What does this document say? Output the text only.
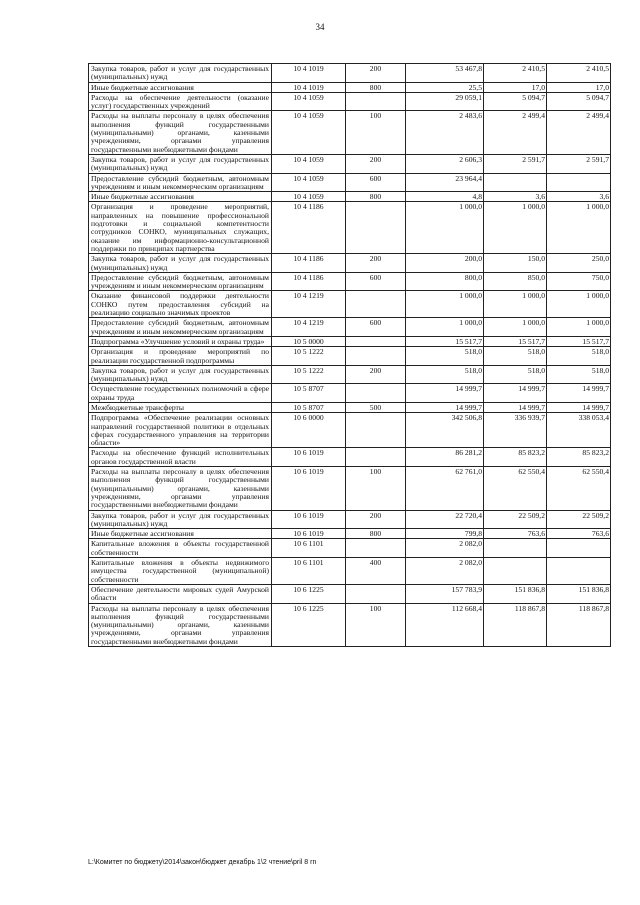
34
Закупка товаров, работ и услуг для государственных (муниципальных) нужд	10 4 1019	200	53 467,8	2 410,5	2 410,5
Иные бюджетные ассигнования	10 4 1019	800	25,5	17,0	17,0
Расходы на обеспечение деятельности (оказание услуг) государственных учреждений	10 4 1059		29 059,1	5 094,7	5 094,7
Расходы на выплаты персоналу в целях обеспечения выполнения функций государственными (муниципальными) органами, казенными учреждениями, органами управления государственными внебюджетными фондами	10 4 1059	100	2 483,6	2 499,4	2 499,4
Закупка товаров, работ и услуг для государственных (муниципальных) нужд	10 4 1059	200	2 606,3	2 591,7	2 591,7
Предоставление субсидий бюджетным, автономным учреждениям и иным некоммерческим организациям	10 4 1059	600	23 964,4		
Иные бюджетные ассигнования	10 4 1059	800	4,8	3,6	3,6
Организация и проведение мероприятий, направленных на повышение профессиональной подготовки и социальной компетентности сотрудников СОНКО, муниципальных служащих, оказание им информационно-консультационной поддержки по принципах партнерства	10 4 1186		1 000,0	1 000,0	1 000,0
Закупка товаров, работ и услуг для государственных (муниципальных) нужд	10 4 1186	200	200,0	150,0	250,0
Предоставление субсидий бюджетным, автономным учреждениям и иным некоммерческим организациям	10 4 1186	600	800,0	850,0	750,0
Оказание финансовой поддержки деятельности СОНКО путем предоставления субсидий на реализацию социально значимых проектов	10 4 1219		1 000,0	1 000,0	1 000,0
Предоставление субсидий бюджетным, автономным учреждениям и иным некоммерческим организациям	10 4 1219	600	1 000,0	1 000,0	1 000,0
Подпрограмма «Улучшение условий и охраны труда»	10 5 0000		15 517,7	15 517,7	15 517,7
Организация и проведение мероприятий по реализации государственной подпрограммы	10 5 1222		518,0	518,0	518,0
Закупка товаров, работ и услуг для государственных (муниципальных) нужд	10 5 1222	200	518,0	518,0	518,0
Осуществление государственных полномочий в сфере охраны труда	10 5 8707		14 999,7	14 999,7	14 999,7
Межбюджетные трансферты	10 5 8707	500	14 999,7	14 999,7	14 999,7
Подпрограмма «Обеспечение реализации основных направлений государственной политики в отдельных сферах государственного управления на территории области»	10 6 0000		342 506,8	336 939,7	338 053,4
Расходы на обеспечение функций исполнительных органов государственной власти	10 6 1019		86 281,2	85 823,2	85 823,2
Расходы на выплаты персоналу в целях обеспечения выполнения функций государственными (муниципальными) органами, казенными учреждениями, органами управления государственными внебюджетными фондами	10 6 1019	100	62 761,0	62 550,4	62 550,4
Закупка товаров, работ и услуг для государственных (муниципальных) нужд	10 6 1019	200	22 720,4	22 509,2	22 509,2
Иные бюджетные ассигнования	10 6 1019	800	799,8	763,6	763,6
Капитальные вложения в объекты государственной собственности	10 6 1101		2 082,0		
Капитальные вложения в объекты недвижимого имущества государственной (муниципальной) собственности	10 6 1101	400	2 082,0		
Обеспечение деятельности мировых судей Амурской области	10 6 1225		157 783,9	151 836,8	151 836,8
Расходы на выплаты персоналу в целях обеспечения выполнения функций государственными (муниципальными) органами, казенными учреждениями, органами управления государственными внебюджетными фондами	10 6 1225	100	112 668,4	118 867,8	118 867,8
L:\Комитет по бюджету\2014\закон\бюджет декабрь 1\2 чтение\pril 8 rn
